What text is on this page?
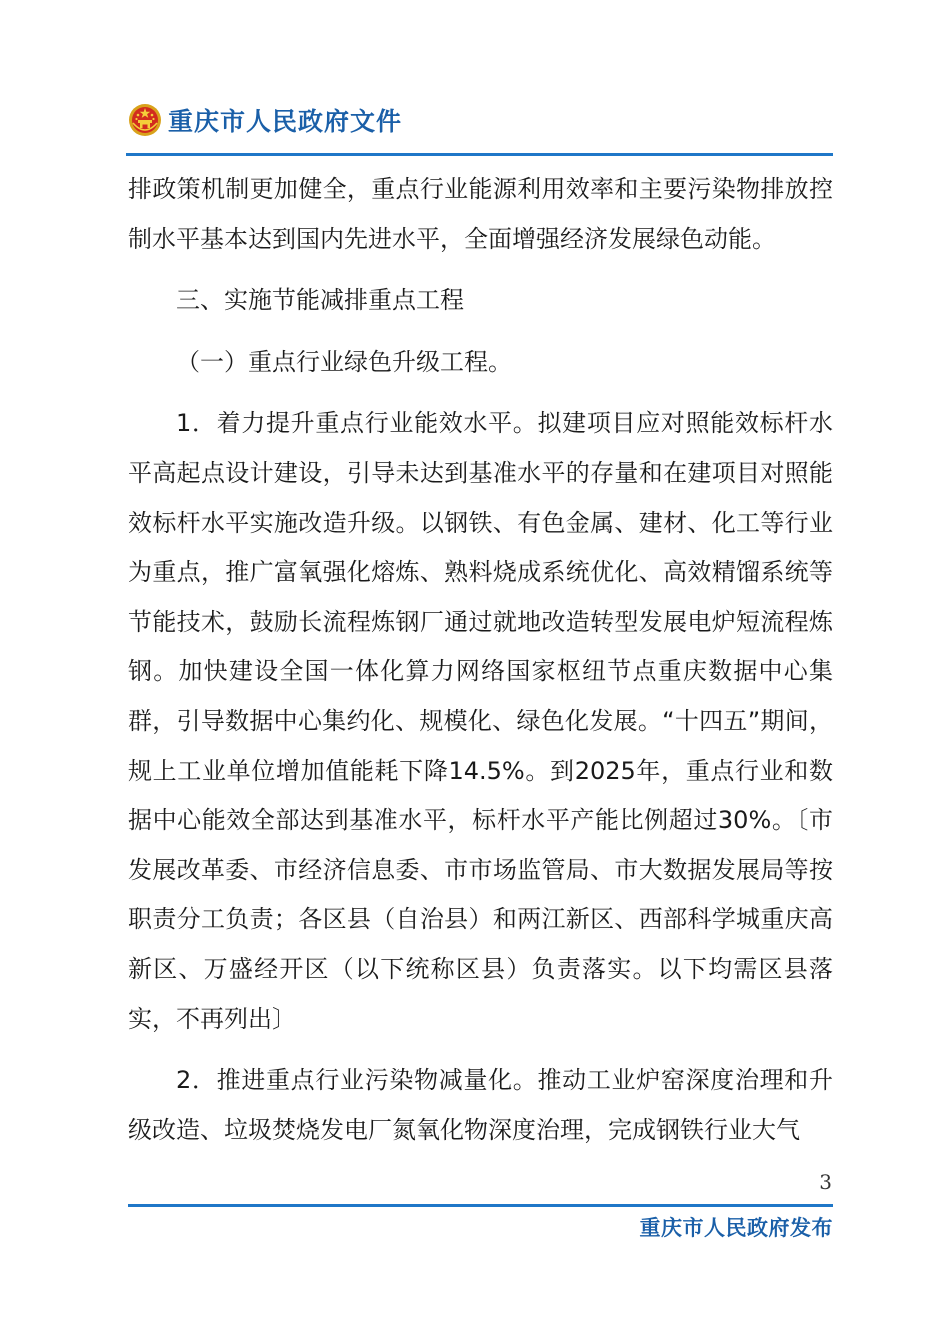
重庆市人民政府文件

排政策机制更加健全，重点行业能源利用效率和主要污染物排放控制水平基本达到国内先进水平，全面增强经济发展绿色动能。

三、实施节能减排重点工程

（一）重点行业绿色升级工程。

1．着力提升重点行业能效水平。拟建项目应对照能效标杆水平高起点设计建设，引导未达到基准水平的存量和在建项目对照能效标杆水平实施改造升级。以钢铁、有色金属、建材、化工等行业为重点，推广富氧强化熔炼、熟料烧成系统优化、高效精馏系统等节能技术，鼓励长流程炼钢厂通过就地改造转型发展电炉短流程炼钢。加快建设全国一体化算力网络国家枢纽节点重庆数据中心集群，引导数据中心集约化、规模化、绿色化发展。“十四五”期间，规上工业单位增加值能耗下降14.5%。到2025年，重点行业和数据中心能效全部达到基准水平，标杆水平产能比例超过30%。〔市发展改革委、市经济信息委、市市场监管局、市大数据发展局等按职责分工负责；各区县（自治县）和两江新区、西部科学城重庆高新区、万盛经开区（以下统称区县）负责落实。以下均需区县落实，不再列出〕

2．推进重点行业污染物减量化。推动工业炉窑深度治理和升级改造、垃圾焚烧发电厂氮氧化物深度治理，完成钢铁行业大气

3
重庆市人民政府发布
